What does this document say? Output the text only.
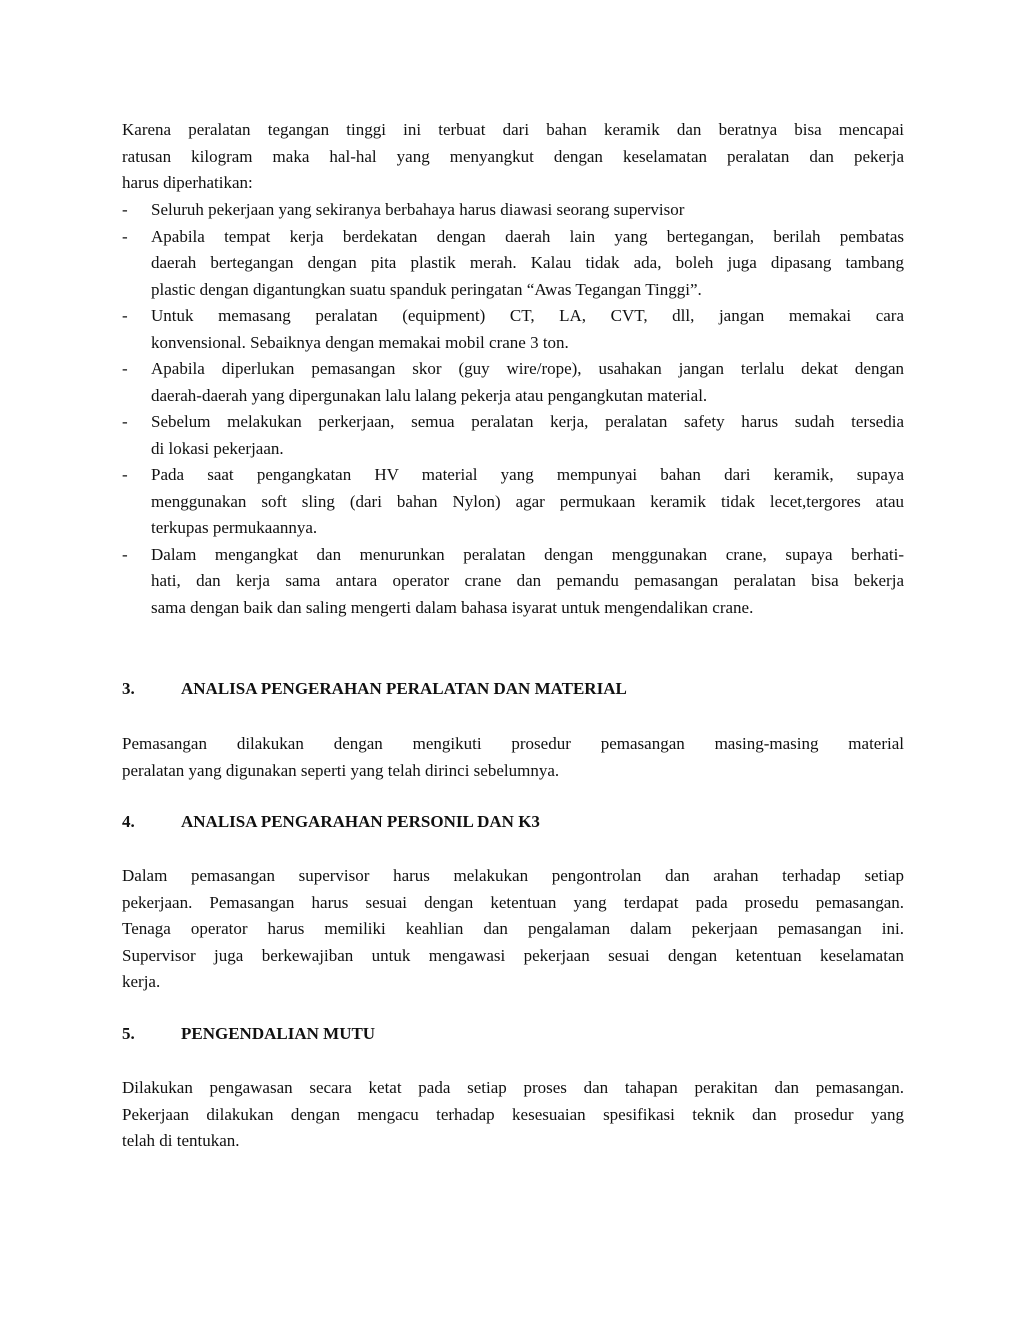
Karena peralatan tegangan tinggi ini terbuat dari bahan keramik dan beratnya bisa mencapai
ratusan kilogram maka hal-hal yang menyangkut dengan keselamatan peralatan dan pekerja
harus diperhatikan:
- Seluruh pekerjaan yang sekiranya berbahaya harus diawasi seorang supervisor
- Apabila tempat kerja berdekatan dengan daerah lain yang bertegangan, berilah pembatas
daerah bertegangan dengan pita plastik merah. Kalau tidak ada, boleh juga dipasang tambang
plastic dengan digantungkan suatu spanduk peringatan “Awas Tegangan Tinggi”.
- Untuk memasang peralatan (equipment) CT, LA, CVT, dll, jangan memakai cara
konvensional. Sebaiknya dengan memakai mobil crane 3 ton.
- Apabila diperlukan pemasangan skor (guy wire/rope), usahakan jangan terlalu dekat dengan
daerah-daerah yang dipergunakan lalu lalang pekerja atau pengangkutan material.
- Sebelum melakukan perkerjaan, semua peralatan kerja, peralatan safety harus sudah tersedia
di lokasi pekerjaan.
- Pada saat pengangkatan HV material yang mempunyai bahan dari keramik, supaya
menggunakan soft sling (dari bahan Nylon) agar permukaan keramik tidak lecet,tergores atau
terkupas permukaannya.
- Dalam mengangkat dan menurunkan peralatan dengan menggunakan crane, supaya berhati-
hati, dan kerja sama antara operator crane dan pemandu pemasangan peralatan bisa bekerja
sama dengan baik dan saling mengerti dalam bahasa isyarat untuk mengendalikan crane.
3.	ANALISA PENGERAHAN PERALATAN DAN MATERIAL
Pemasangan dilakukan dengan mengikuti prosedur pemasangan masing-masing material
peralatan yang digunakan seperti yang telah dirinci sebelumnya.
4.	ANALISA PENGARAHAN PERSONIL DAN K3
Dalam pemasangan supervisor harus melakukan pengontrolan dan arahan terhadap setiap
pekerjaan. Pemasangan harus sesuai dengan ketentuan yang terdapat pada prosedu pemasangan.
Tenaga operator harus memiliki keahlian dan pengalaman dalam pekerjaan pemasangan ini.
Supervisor juga berkewajiban untuk mengawasi pekerjaan sesuai dengan ketentuan keselamatan
kerja.
5.	PENGENDALIAN MUTU
Dilakukan pengawasan secara ketat pada setiap proses dan tahapan perakitan dan pemasangan.
Pekerjaan dilakukan dengan mengacu terhadap kesesuaian spesifikasi teknik dan prosedur yang
telah di tentukan.
